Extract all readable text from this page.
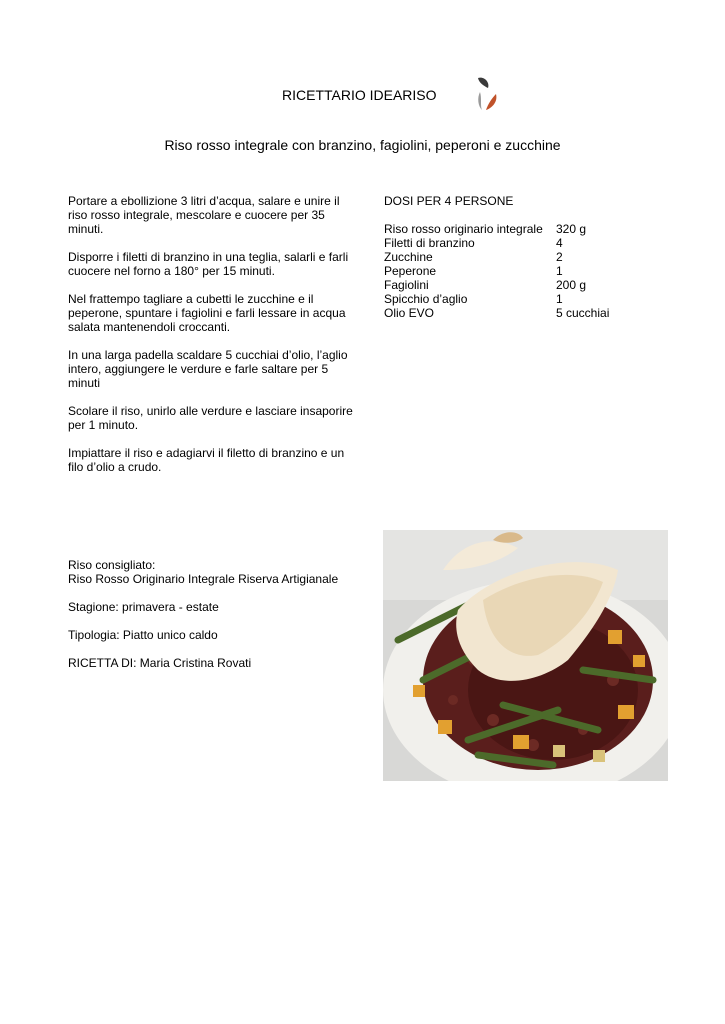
RICETTARIO IDEARISO
Riso rosso integrale con branzino, fagiolini, peperoni e zucchine

Portare a ebollizione 3 litri d’acqua, salare e unire il riso rosso integrale, mescolare e cuocere per 35 minuti.

Disporre i filetti di branzino in una teglia, salarli e farli cuocere nel forno a 180° per 15 minuti.

Nel frattempo tagliare a cubetti le zucchine e il peperone, spuntare i fagiolini e farli lessare in acqua salata mantenendoli croccanti.

In una larga padella scaldare 5 cucchiai d’olio, l’aglio intero, aggiungere le verdure e farle saltare per 5 minuti

Scolare il riso, unirlo alle verdure e lasciare insaporire per 1 minuto.

Impiattare il riso e adagiarvi il filetto di branzino e un filo d’olio a crudo.

DOSI PER 4 PERSONE
Riso rosso originario integrale	320 g
Filetti di branzino	4
Zucchine	2
Peperone	1
Fagiolini	200 g
Spicchio d’aglio	1
Olio EVO	5 cucchiai

Riso consigliato:
Riso Rosso Originario Integrale Riserva Artigianale

Stagione: primavera - estate

Tipologia: Piatto unico caldo

RICETTA DI: Maria Cristina Rovati
